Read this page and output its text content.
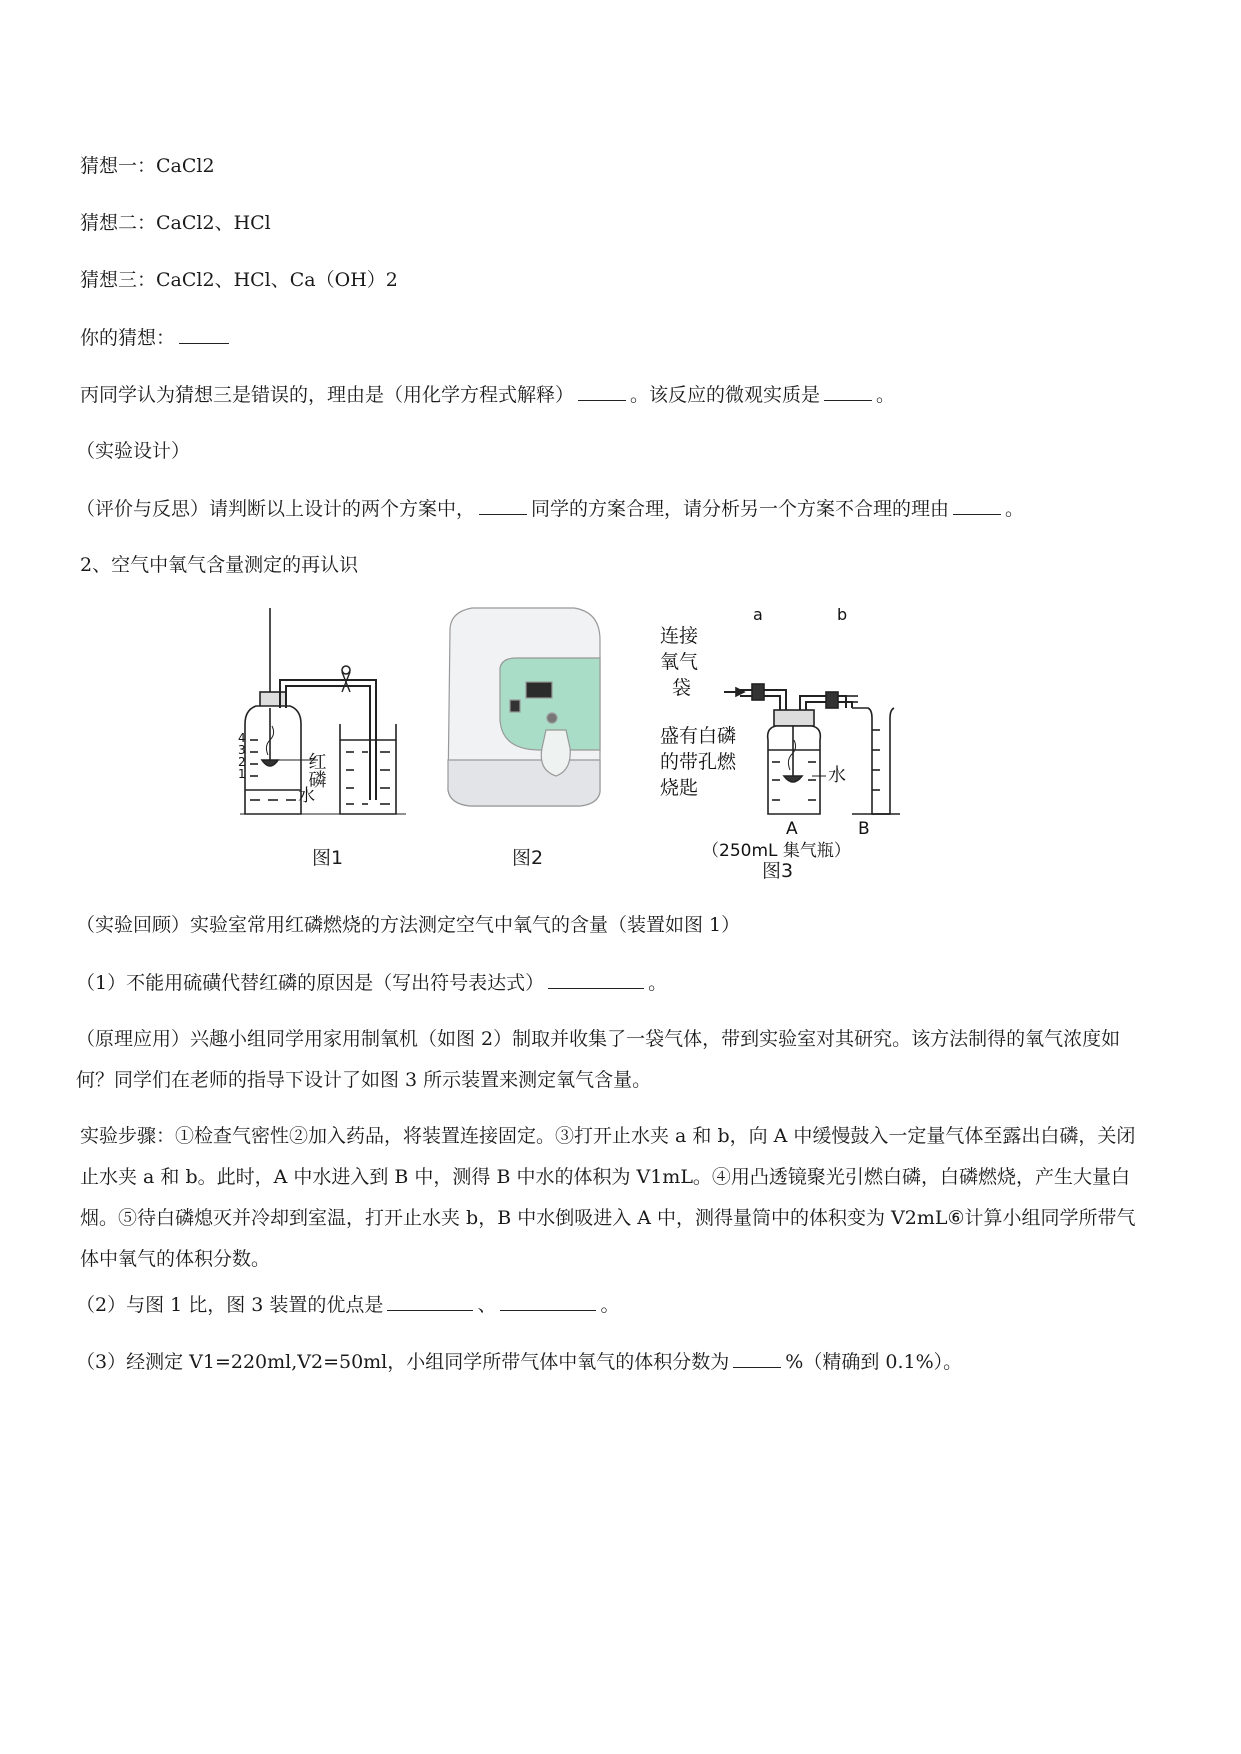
猜想一：CaCl2
猜想二：CaCl2、HCl
猜想三：CaCl2、HCl、Ca（OH）2
你的猜想：
丙同学认为猜想三是错误的，理由是（用化学方程式解释）	。该反应的微观实质是	。
（实验设计）
（评价与反思）请判断以上设计的两个方案中，	同学的方案合理，请分析另一个方案不合理的理由	。
2、空气中氧气含量测定的再认识
4
3
2
1	红磷
水
连接
氧气
袋
a	b
盛有白磷
的带孔燃
烧匙
水
A	B
（250mL 集气瓶）
图1	图2
图3
（实验回顾）实验室常用红磷燃烧的方法测定空气中氧气的含量（装置如图 1）
（1）不能用硫磺代替红磷的原因是（写出符号表达式）	。
（原理应用）兴趣小组同学用家用制氧机（如图 2）制取并收集了一袋气体，带到实验室对其研究。该方法制得的氧气浓度如何？同学们在老师的指导下设计了如图 3 所示装置来测定氧气含量。
实验步骤：①检查气密性②加入药品，将装置连接固定。③打开止水夹 a 和 b，向 A 中缓慢鼓入一定量气体至露出白磷，关闭止水夹 a 和 b。此时，A 中水进入到 B 中，测得 B 中水的体积为 V1mL。④用凸透镜聚光引燃白磷，白磷燃烧，产生大量白烟。⑤待白磷熄灭并冷却到室温，打开止水夹 b，B 中水倒吸进入 A 中，测得量筒中的体积变为 V2mL⑥计算小组同学所带气体中氧气的体积分数。
（2）与图 1 比，图 3 装置的优点是	、	。
（3）经测定 V1=220ml,V2=50ml，小组同学所带气体中氧气的体积分数为	%（精确到 0.1%）。
